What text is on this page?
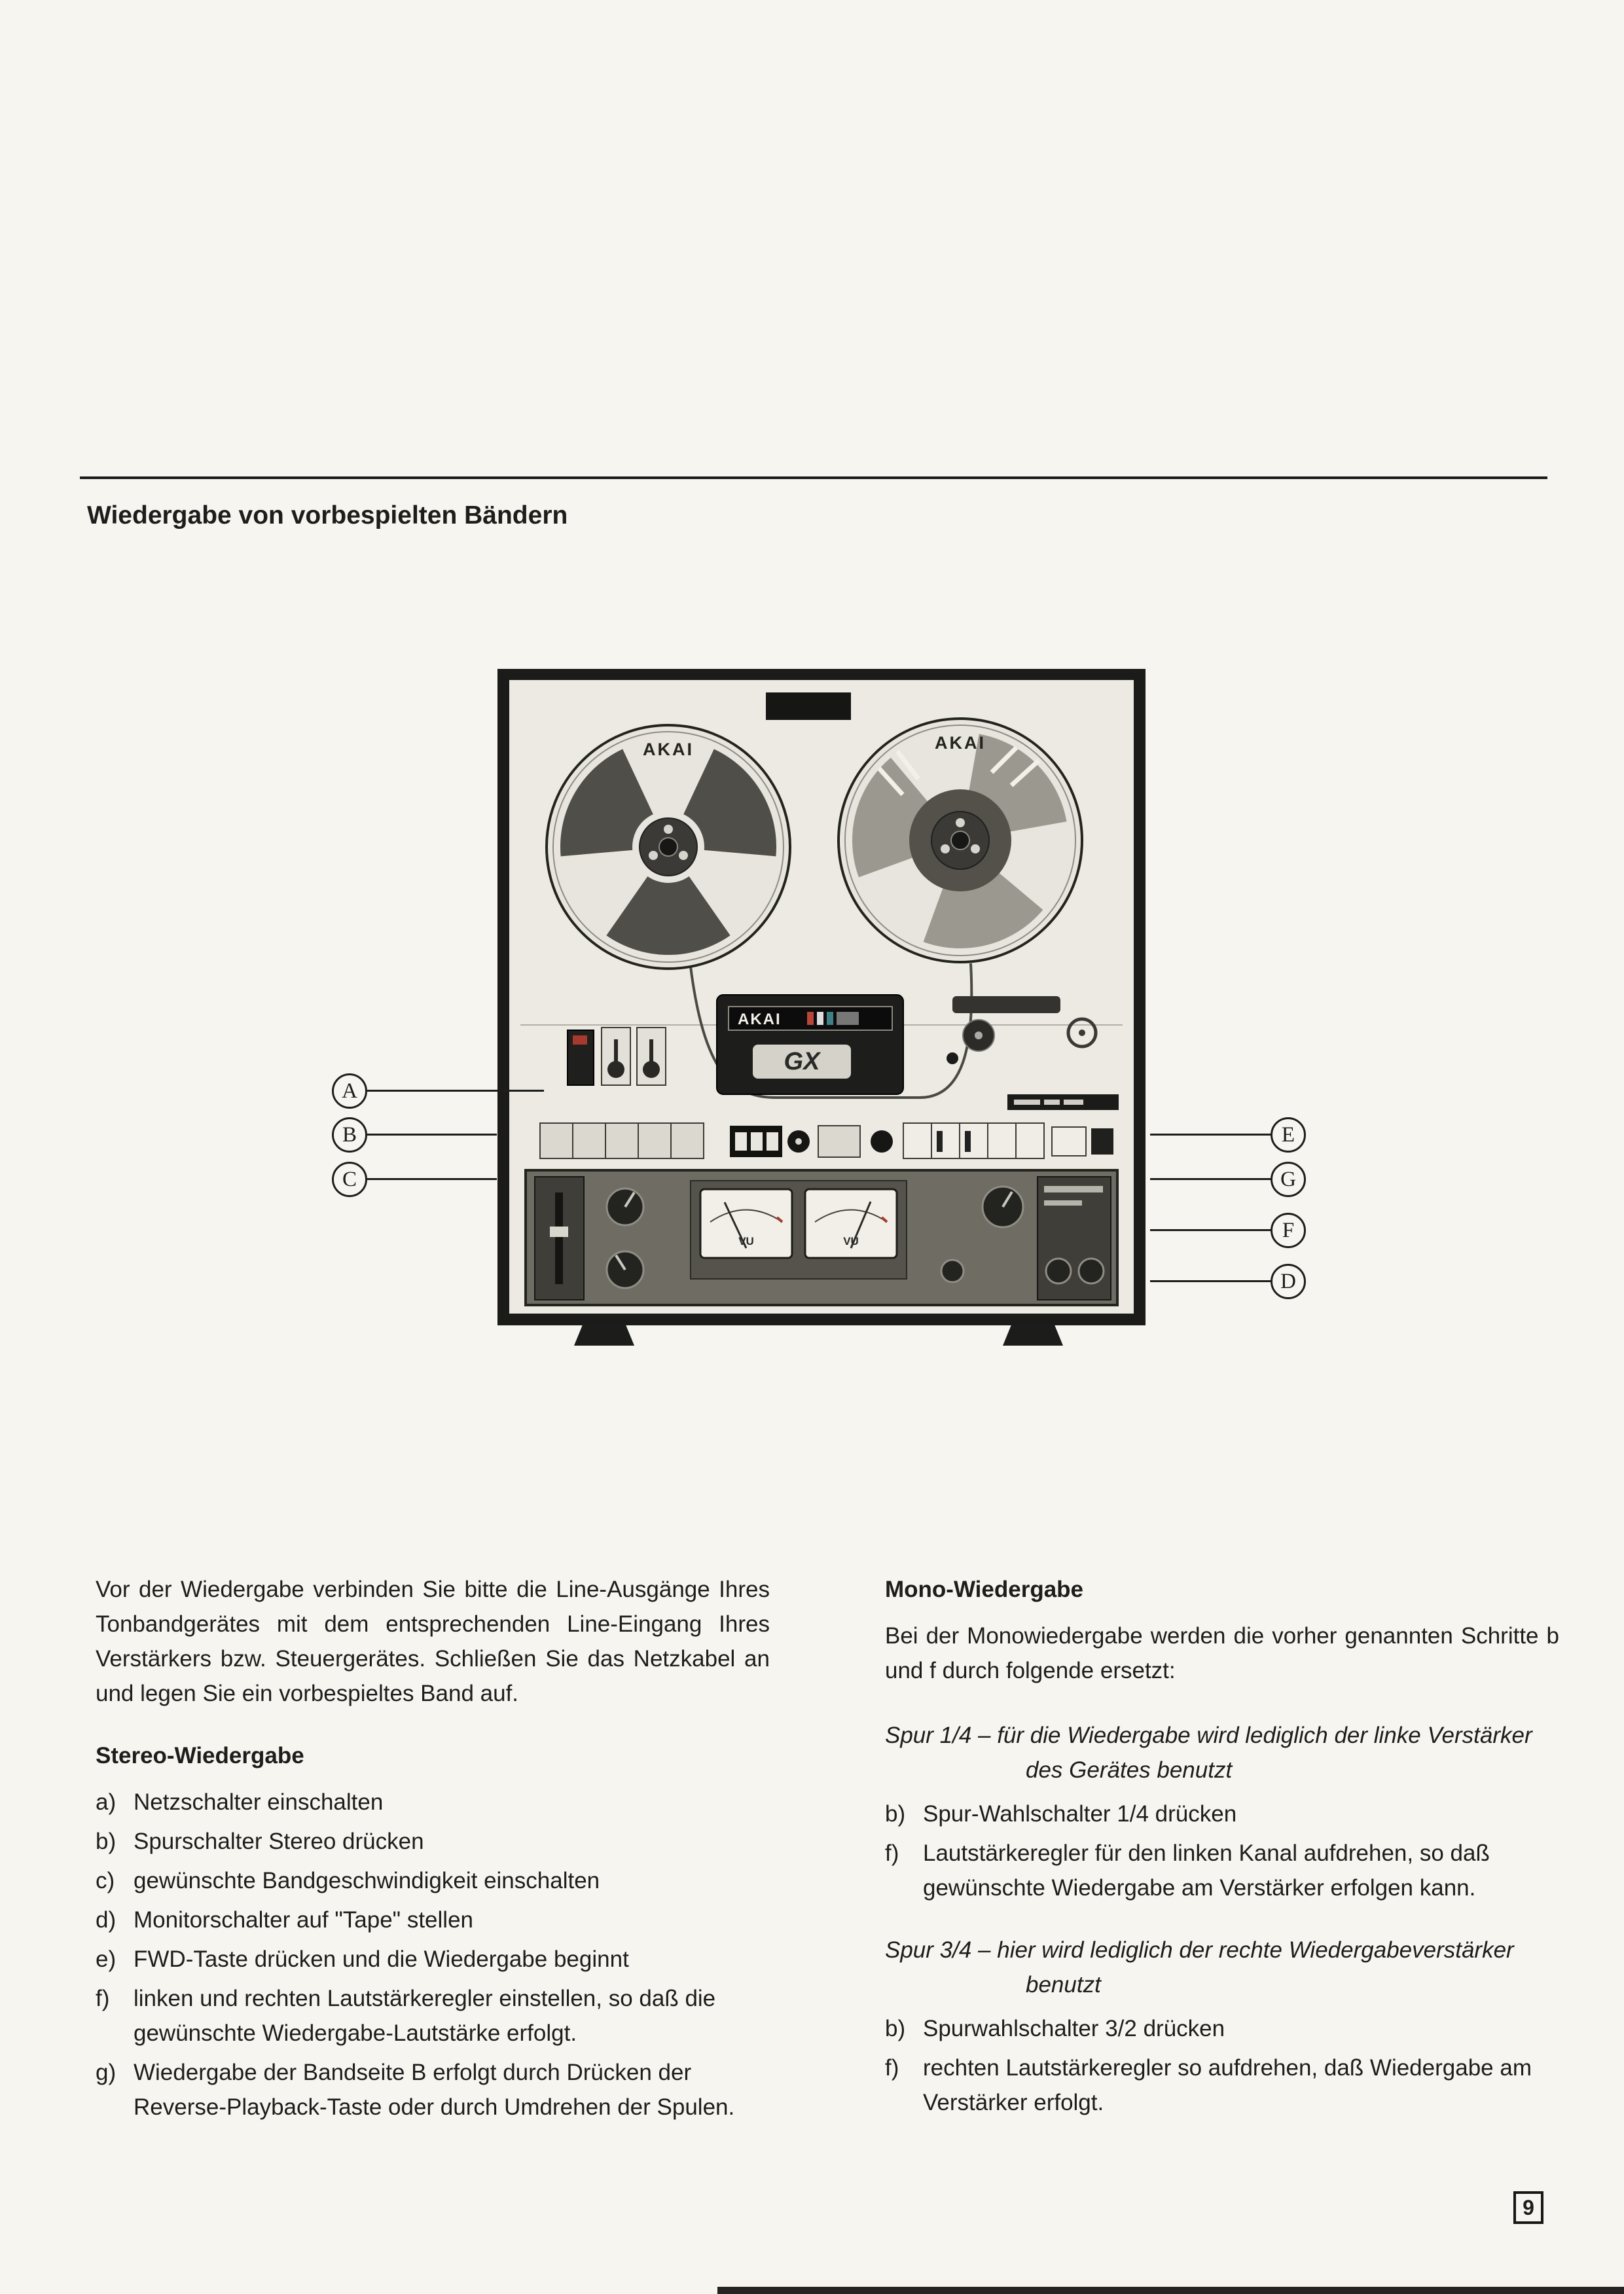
Wiedergabe von vorbespielten Bändern
AKAI	AKAI
AKAI
GX
VU	VU
A
B
C
E
G
F
D

Vor der Wiedergabe verbinden Sie bitte die Line-Ausgänge Ihres Tonbandgerätes mit dem entsprechenden Line-Eingang Ihres Verstärkers bzw. Steuergerätes. Schließen Sie das Netzkabel an und legen Sie ein vorbespieltes Band auf.

Stereo-Wiedergabe
a) Netzschalter einschalten
b) Spurschalter Stereo drücken
c) gewünschte Bandgeschwindigkeit einschalten
d) Monitorschalter auf "Tape" stellen
e) FWD-Taste drücken und die Wiedergabe beginnt
f)	linken und rechten Lautstärkeregler einstellen, so daß die gewünschte Wiedergabe-Lautstärke erfolgt.
g) Wiedergabe der Bandseite B erfolgt durch Drücken der Reverse-Playback-Taste oder durch Umdrehen der Spulen.
Mono-Wiedergabe

Bei der Monowiedergabe werden die vorher genannten Schritte b und f durch folgende ersetzt:

Spur 1/4 – für die Wiedergabe wird lediglich der linke Verstärker des Gerätes benutzt

b) Spur-Wahlschalter 1/4 drücken
f)	Lautstärkeregler für den linken Kanal aufdrehen, so daß gewünschte Wiedergabe am Verstärker erfolgen kann.

Spur 3/4 – hier wird lediglich der rechte Wiedergabeverstärker benutzt

b) Spurwahlschalter 3/2 drücken
f)	rechten Lautstärkeregler so aufdrehen, daß Wiedergabe am Verstärker erfolgt.
9
